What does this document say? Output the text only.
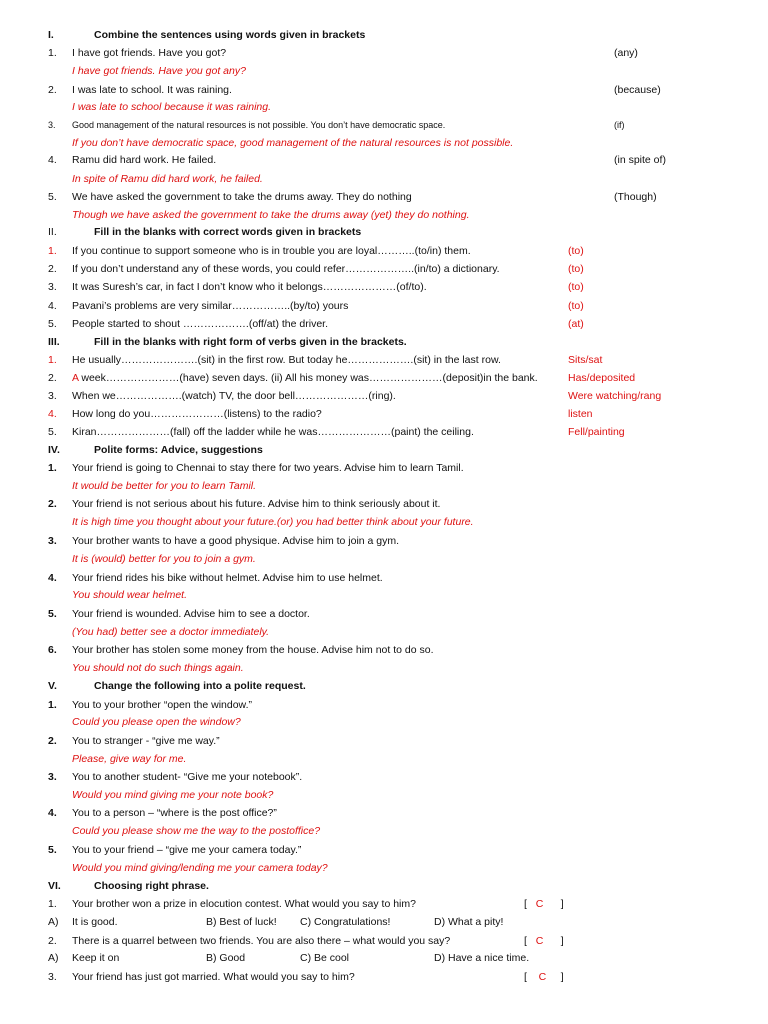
I.	Combine the sentences using words given in brackets
1. I have got friends. Have you got?	(any)
I have got friends. Have you got any?
2. I was late to school. It was raining.	(because)
I was late to school because it was raining.
3. Good management of the natural resources is not possible. You don’t have democratic space.	(if)
If you don’t have democratic space, good management of the natural resources is not possible.
4. Ramu did hard work. He failed.	(in spite of)
In spite of Ramu did hard work, he failed.
5. We have asked the government to take the drums away. They do nothing	(Though)
Though we have asked the government to take the drums away (yet) they do nothing.
II.	Fill in the blanks with correct words given in brackets
1. If you continue to support someone who is in trouble you are loyal………..(to/in) them.	(to)
2. If you don’t understand any of these words, you could refer………………..(in/to) a dictionary.	(to)
3. It was Suresh’s car, in fact I don’t know who it belongs…………………(of/to).	(to)
4. Pavani’s problems are very similar……………..(by/to) yours	(to)
5. People started to shout ……………….(off/at) the driver.	(at)
III.	Fill in the blanks with right form of verbs given in the brackets.
1. He usually………………….(sit) in the first row. But today he……………….(sit) in the last row.	Sits/sat
2. A week…………………(have) seven days. (ii) All his money was…………………(deposit)in the bank.	Has/deposited
3. When we……………….(watch) TV, the door bell…………………(ring).	Were watching/rang
4. How long do you…………………(listens) to the radio?	listen
5. Kiran…………………(fall) off the ladder while he was…………………(paint) the ceiling.	Fell/painting
IV.	Polite forms: Advice, suggestions
1. Your friend is going to Chennai to stay there for two years. Advise him to learn Tamil.
It would be better for you to learn Tamil.
2. Your friend is not serious about his future. Advise him to think seriously about it.
It is high time you thought about your future.(or) you had better think about your future.
3. Your brother wants to have a good physique. Advise him to join a gym.
It is (would) better for you to join a gym.
4. Your friend rides his bike without helmet. Advise him to use helmet.
You should wear helmet.
5. Your friend is wounded. Advise him to see a doctor.
(You had) better see a doctor immediately.
6. Your brother has stolen some money from the house. Advise him not to do so.
You should not do such things again.
V.	Change the following into a polite request.
1. You to your brother “open the window.”
Could you please open the window?
2. You to stranger - “give me way.”
Please, give way for me.
3. You to another student- “Give me your notebook”.
Would you mind giving me your note book?
4. You to a person – “where is the post office?”
Could you please show me the way to the postoffice?
5. You to your friend – “give me your camera today.”
Would you mind giving/lending me your camera today?
VI.	Choosing right phrase.
1. Your brother won a prize in elocution contest. What would you say to him?	[ C ]
A) It is good.	B) Best of luck! C) Congratulations!	D) What a pity!
2. There is a quarrel between two friends. You are also there – what would you say?	[ C ]
A) Keep it on	B) Good	C) Be cool	D) Have a nice time.
3. Your friend has just got married. What would you say to him?	[ C ]
